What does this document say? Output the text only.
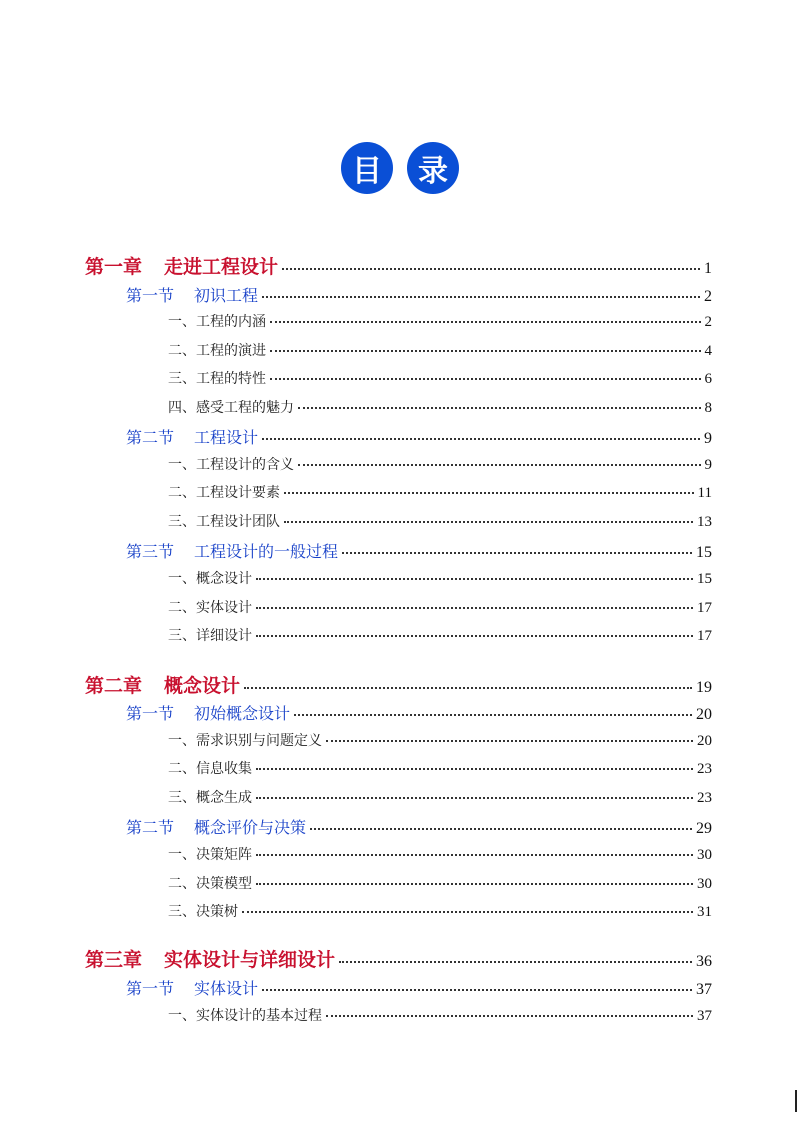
目	录
第一章 走进工程设计	1
第一节 初识工程	2
一、 工程的内涵	2
二、 工程的演进	4
三、 工程的特性	6
四、 感受工程的魅力	8
第二节 工程设计	9
一、 工程设计的含义	9
二、 工程设计要素	11
三、 工程设计团队	13
第三节 工程设计的一般过程	15
一、 概念设计	15
二、 实体设计	17
三、 详细设计	17
第二章 概念设计	19
第一节 初始概念设计	20
一、 需求识别与问题定义	20
二、 信息收集	23
三、 概念生成	23
第二节 概念评价与决策	29
一、 决策矩阵	30
二、 决策模型	30
三、 决策树	31
第三章 实体设计与详细设计	36
第一节 实体设计	37
一、 实体设计的基本过程	37
